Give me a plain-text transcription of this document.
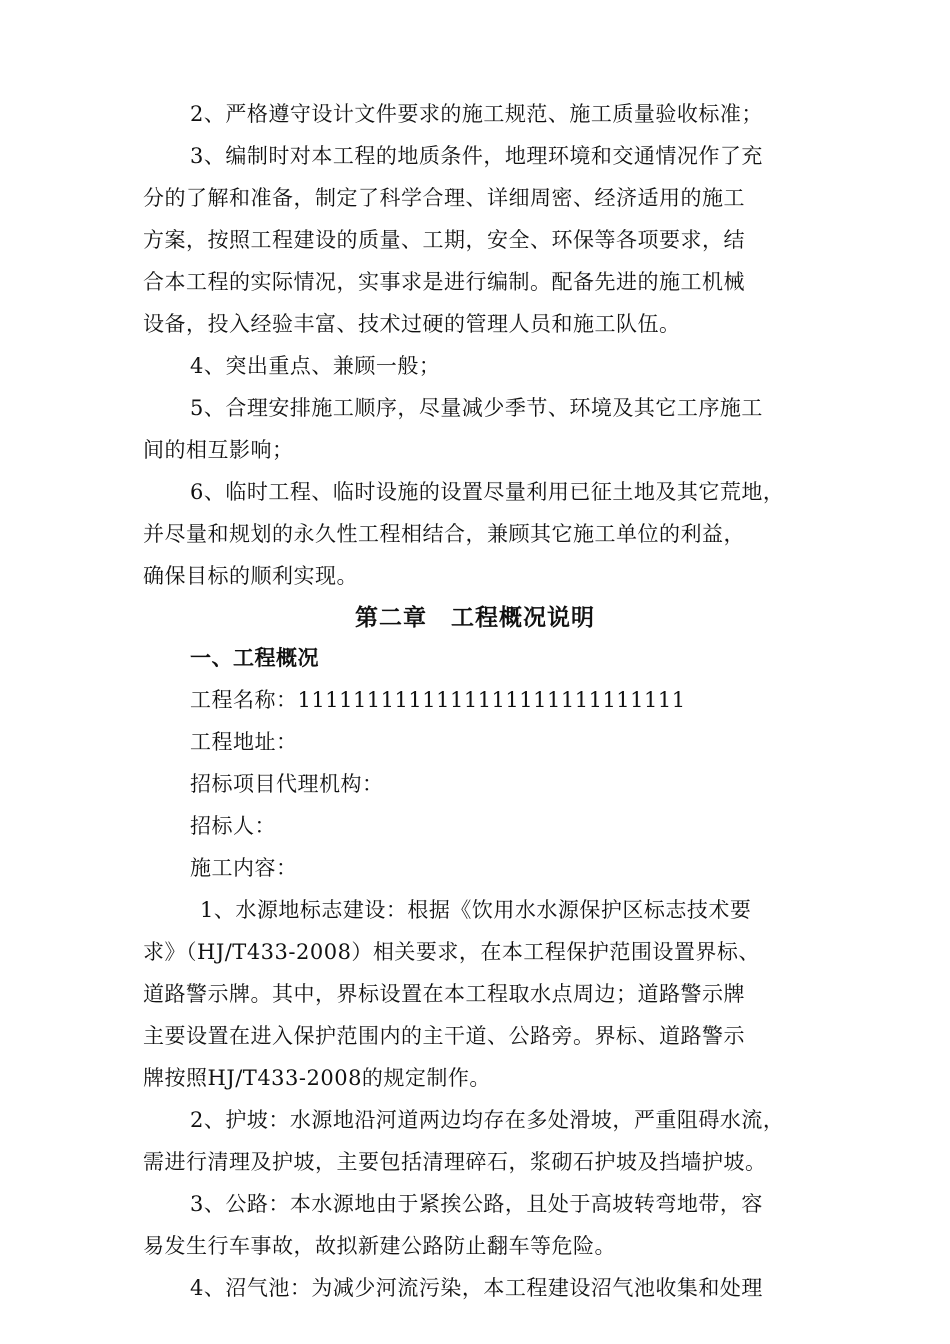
2、严格遵守设计文件要求的施工规范、施工质量验收标准；
3、编制时对本工程的地质条件，地理环境和交通情况作了充
分的了解和准备，制定了科学合理、详细周密、经济适用的施工
方案，按照工程建设的质量、工期，安全、环保等各项要求，结
合本工程的实际情况，实事求是进行编制。配备先进的施工机械
设备，投入经验丰富、技术过硬的管理人员和施工队伍。
4、突出重点、兼顾一般；
5、合理安排施工顺序，尽量减少季节、环境及其它工序施工
间的相互影响；
6、临时工程、临时设施的设置尽量利用已征土地及其它荒地，
并尽量和规划的永久性工程相结合，兼顾其它施工单位的利益，
确保目标的顺利实现。
第二章　工程概况说明
一、工程概况
工程名称：1111111111111111111111111111
工程地址：
招标项目代理机构：
招标人：
施工内容：
1、水源地标志建设：根据《饮用水水源保护区标志技术要
求》（HJ/T433-2008）相关要求，在本工程保护范围设置界标、
道路警示牌。其中，界标设置在本工程取水点周边；道路警示牌
主要设置在进入保护范围内的主干道、公路旁。界标、道路警示
牌按照HJ/T433-2008的规定制作。
2、护坡：水源地沿河道两边均存在多处滑坡，严重阻碍水流，
需进行清理及护坡，主要包括清理碎石，浆砌石护坡及挡墙护坡。
3、公路：本水源地由于紧挨公路，且处于高坡转弯地带，容
易发生行车事故，故拟新建公路防止翻车等危险。
4、沼气池：为减少河流污染，本工程建设沼气池收集和处理
